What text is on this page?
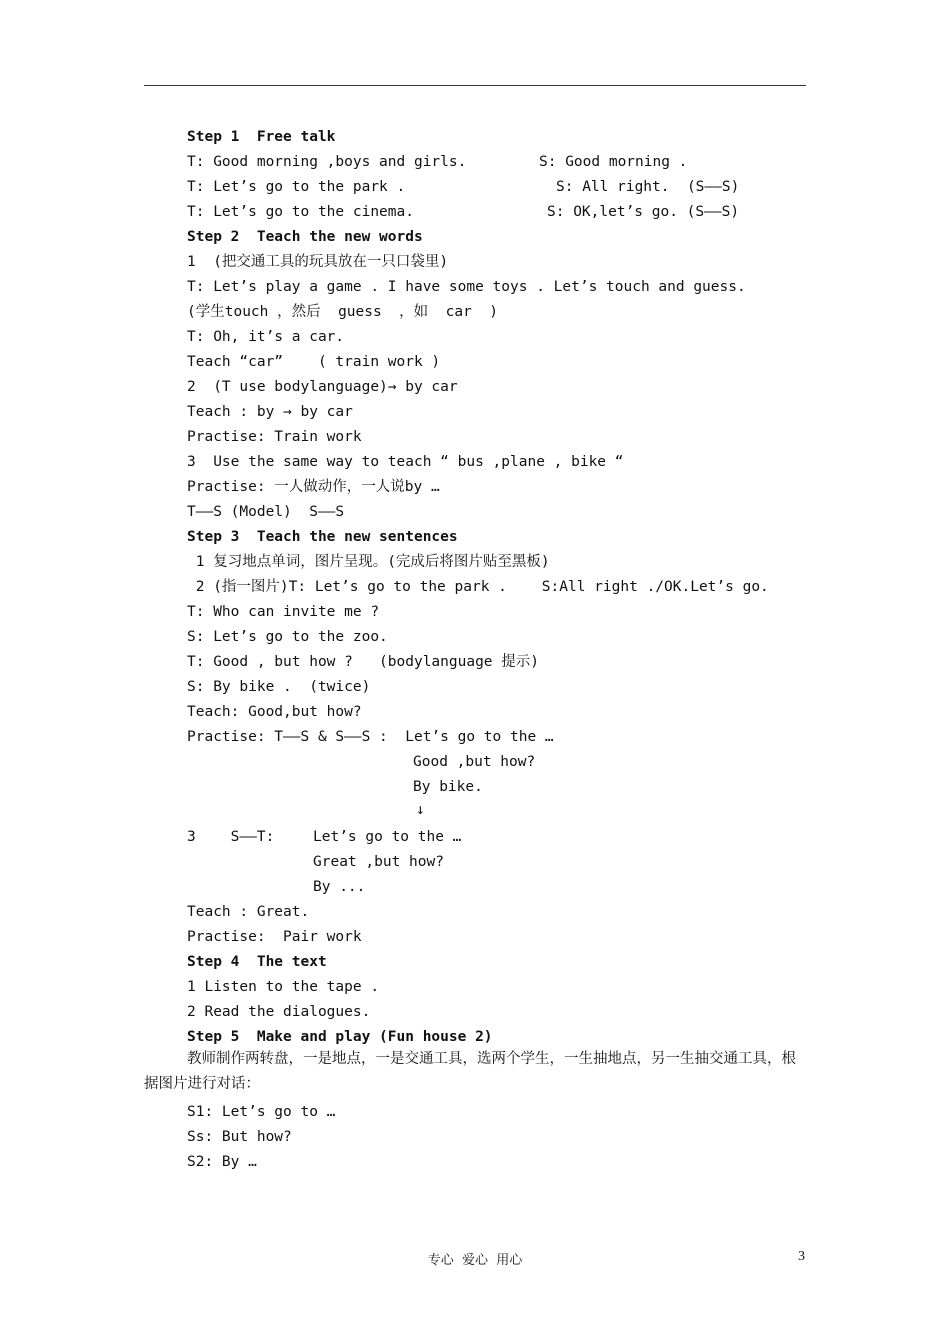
Step 1  Free talk
T: Good morning ,boys and girls.	S: Good morning .
T: Let’s go to the park .	S: All right.  (S——S)
T: Let’s go to the cinema.	S: OK,let’s go. (S——S)
Step 2  Teach the new words
1  (把交通工具的玩具放在一只口袋里)
T: Let’s play a game . I have some toys . Let’s touch and guess.
(学生touch ，然后  guess  ，如  car  )
T: Oh, it’s a car.
Teach “car”    ( train work )
2  (T use bodylanguage)→ by car
Teach : by → by car
Practise: Train work
3  Use the same way to teach “ bus ,plane , bike “
Practise: 一人做动作，一人说by …
T——S (Model)  S——S
Step 3  Teach the new sentences
1 复习地点单词，图片呈现。(完成后将图片贴至黑板)
2 (指一图片)T: Let’s go to the park .    S:All right ./OK.Let’s go.
T: Who can invite me ?
S: Let’s go to the zoo.
T: Good , but how ?   (bodylanguage 提示)
S: By bike .  (twice)
Teach: Good,but how?
Practise: T——S & S——S :  Let’s go to the …
Good ,but how?
By bike.
↓
3    S——T:	Let’s go to the …
Great ,but how?
By ...
Teach : Great.
Practise:  Pair work
Step 4  The text
1 Listen to the tape .
2 Read the dialogues.
Step 5  Make and play (Fun house 2)
教师制作两转盘，一是地点，一是交通工具，选两个学生，一生抽地点，另一生抽交通工具，根据图片进行对话：
S1: Let’s go to …
Ss: But how?
S2: By …
专心  爱心  用心	3
